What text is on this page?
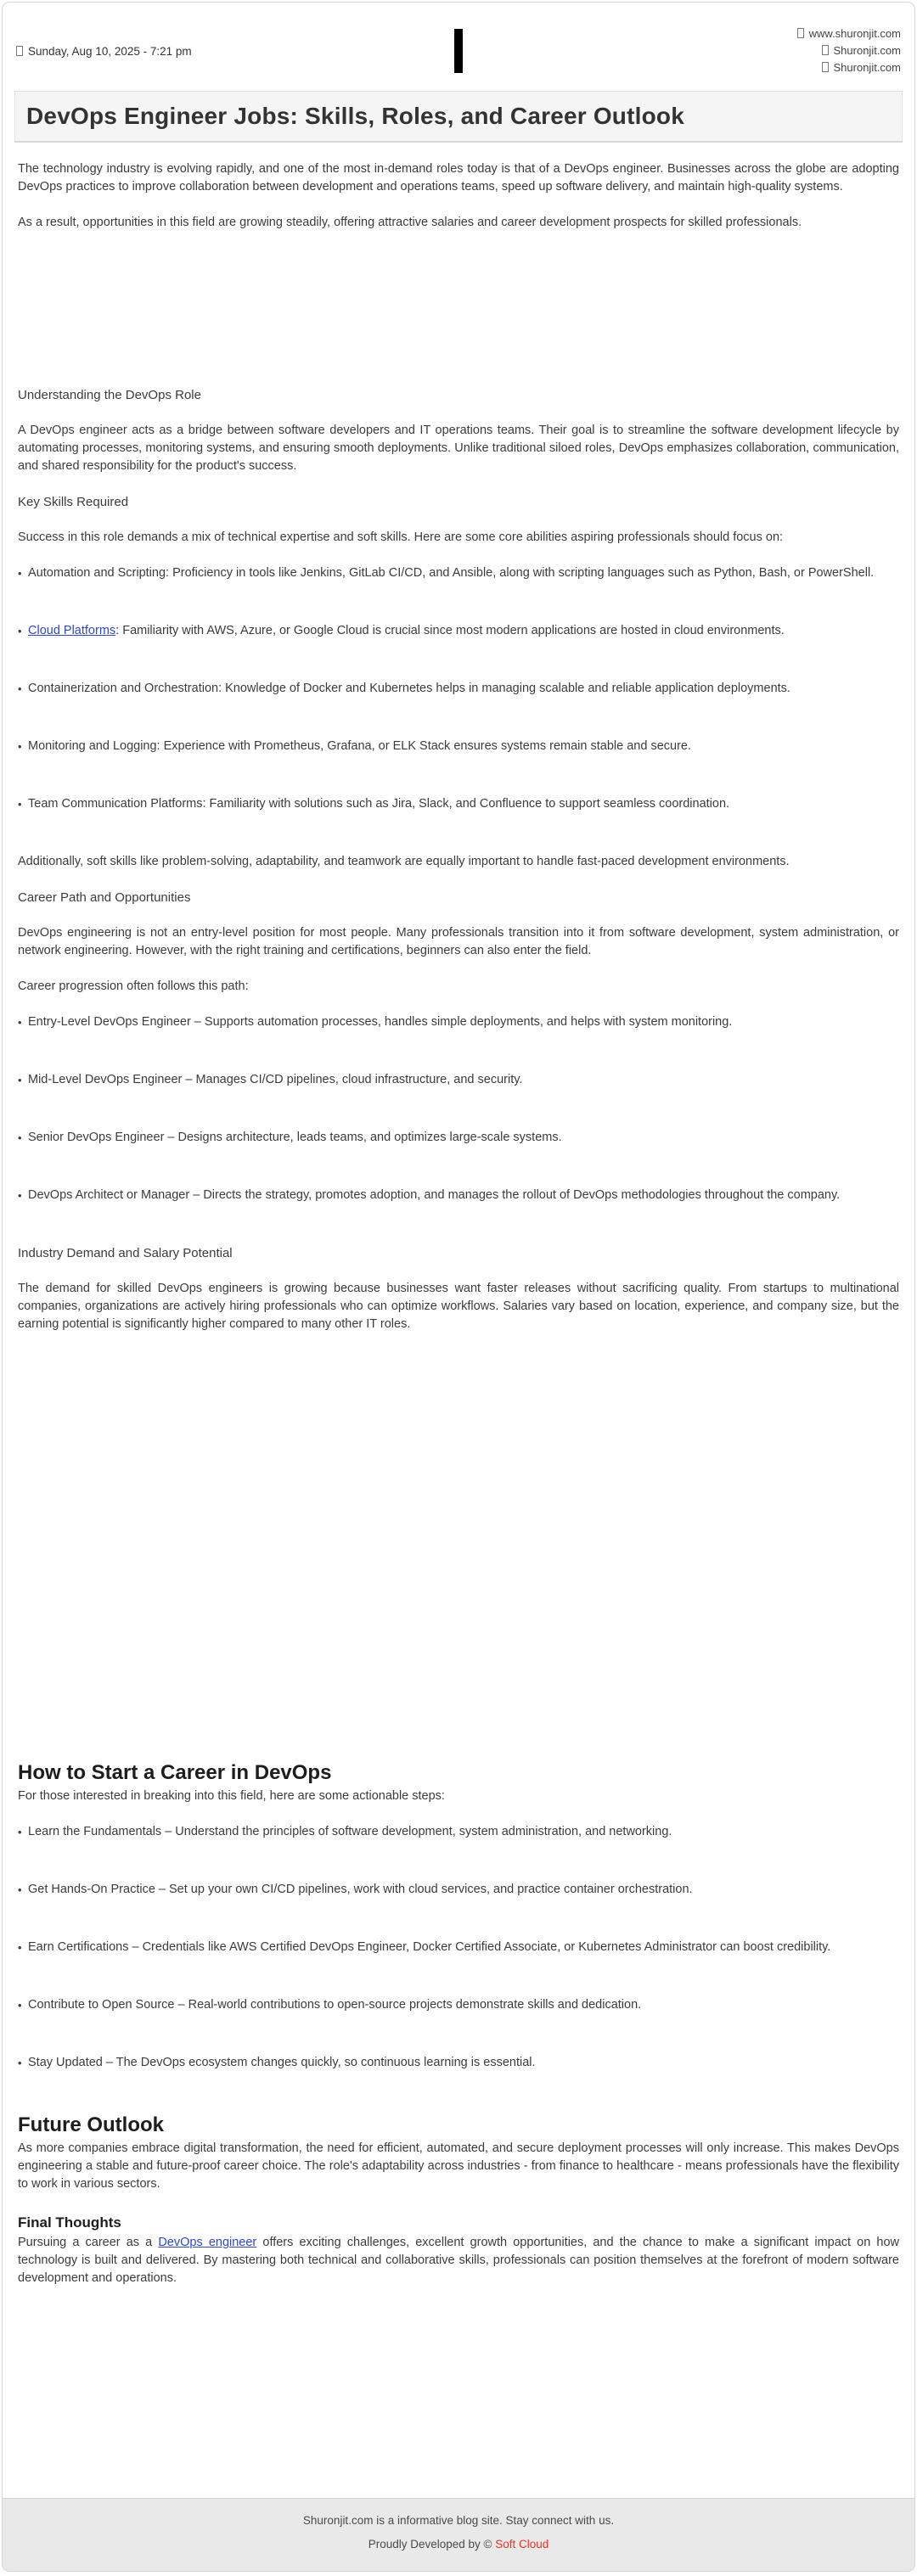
Sunday, Aug 10, 2025 - 7:21 pm
www.shuronjit.com
Shuronjit.com
Shuronjit.com
DevOps Engineer Jobs: Skills, Roles, and Career Outlook

The technology industry is evolving rapidly, and one of the most in-demand roles today is that of a DevOps engineer. Businesses across the globe are adopting DevOps practices to improve collaboration between development and operations teams, speed up software delivery, and maintain high-quality systems.

As a result, opportunities in this field are growing steadily, offering attractive salaries and career development prospects for skilled professionals.

Understanding the DevOps Role

A DevOps engineer acts as a bridge between software developers and IT operations teams. Their goal is to streamline the software development lifecycle by automating processes, monitoring systems, and ensuring smooth deployments. Unlike traditional siloed roles, DevOps emphasizes collaboration, communication, and shared responsibility for the product's success.

Key Skills Required

Success in this role demands a mix of technical expertise and soft skills. Here are some core abilities aspiring professionals should focus on:

• Automation and Scripting: Proficiency in tools like Jenkins, GitLab CI/CD, and Ansible, along with scripting languages such as Python, Bash, or PowerShell.
• Cloud Platforms: Familiarity with AWS, Azure, or Google Cloud is crucial since most modern applications are hosted in cloud environments.
• Containerization and Orchestration: Knowledge of Docker and Kubernetes helps in managing scalable and reliable application deployments.
• Monitoring and Logging: Experience with Prometheus, Grafana, or ELK Stack ensures systems remain stable and secure.
• Team Communication Platforms: Familiarity with solutions such as Jira, Slack, and Confluence to support seamless coordination.

Additionally, soft skills like problem-solving, adaptability, and teamwork are equally important to handle fast-paced development environments.

Career Path and Opportunities

DevOps engineering is not an entry-level position for most people. Many professionals transition into it from software development, system administration, or network engineering. However, with the right training and certifications, beginners can also enter the field.

Career progression often follows this path:

• Entry-Level DevOps Engineer – Supports automation processes, handles simple deployments, and helps with system monitoring.
• Mid-Level DevOps Engineer – Manages CI/CD pipelines, cloud infrastructure, and security.
• Senior DevOps Engineer – Designs architecture, leads teams, and optimizes large-scale systems.
• DevOps Architect or Manager – Directs the strategy, promotes adoption, and manages the rollout of DevOps methodologies throughout the company.
Industry Demand and Salary Potential

The demand for skilled DevOps engineers is growing because businesses want faster releases without sacrificing quality. From startups to multinational companies, organizations are actively hiring professionals who can optimize workflows. Salaries vary based on location, experience, and company size, but the earning potential is significantly higher compared to many other IT roles.

How to Start a Career in DevOps

For those interested in breaking into this field, here are some actionable steps:

• Learn the Fundamentals – Understand the principles of software development, system administration, and networking.
• Get Hands-On Practice – Set up your own CI/CD pipelines, work with cloud services, and practice container orchestration.
• Earn Certifications – Credentials like AWS Certified DevOps Engineer, Docker Certified Associate, or Kubernetes Administrator can boost credibility.
• Contribute to Open Source – Real-world contributions to open-source projects demonstrate skills and dedication.
• Stay Updated – The DevOps ecosystem changes quickly, so continuous learning is essential.
Future Outlook

As more companies embrace digital transformation, the need for efficient, automated, and secure deployment processes will only increase. This makes DevOps engineering a stable and future-proof career choice. The role's adaptability across industries - from finance to healthcare - means professionals have the flexibility to work in various sectors.

Final Thoughts

Pursuing a career as a DevOps engineer offers exciting challenges, excellent growth opportunities, and the chance to make a significant impact on how technology is built and delivered. By mastering both technical and collaborative skills, professionals can position themselves at the forefront of modern software development and operations.

Shuronjit.com is a informative blog site. Stay connect with us.

Proudly Developed by © Soft Cloud
